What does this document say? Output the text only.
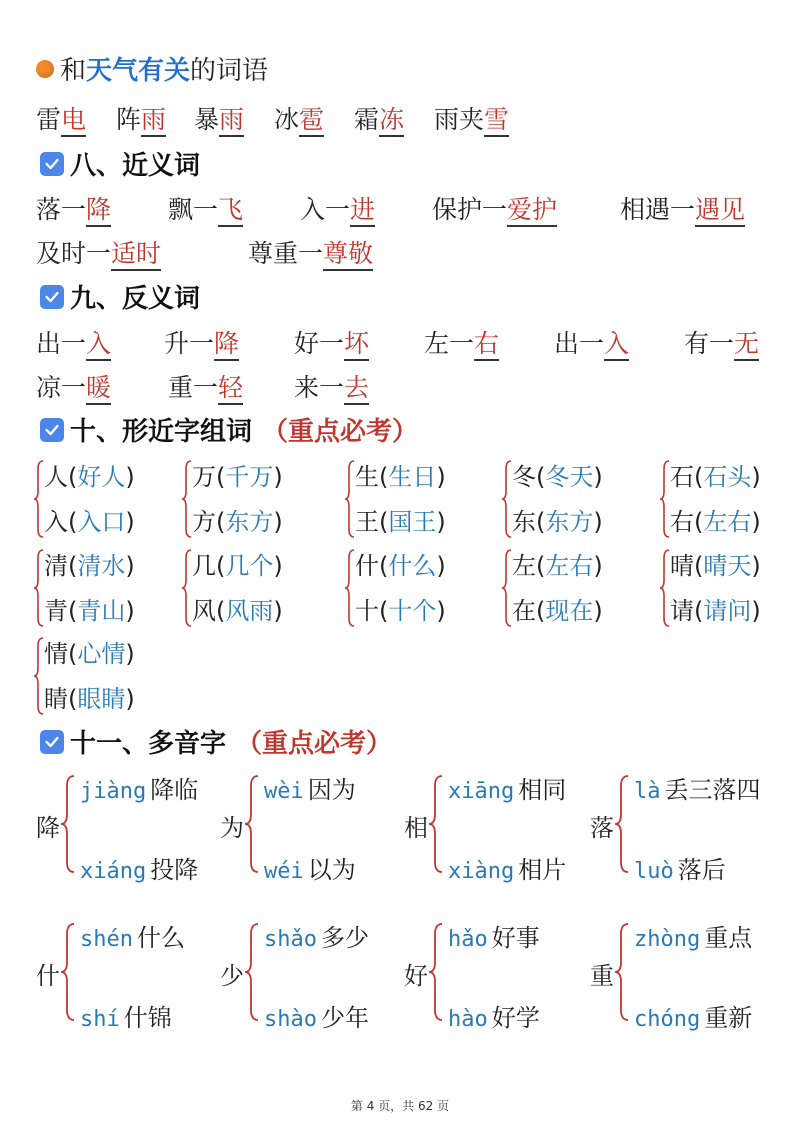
和 天气有关 的词语
雷电 阵雨 暴雨 冰雹 霜冻 雨夹雪
八、近义词
落一降 飘一飞 入一进 保护一爱护	相遇一遇见
及时一适时	尊重一尊敬
九、反义词
出一入 升一降 好一坏 左一右 出一入 有一无
凉一暖 重一轻 来一去
十、形近字组词 （重点必考）
人(好人)
入(入口)
万(千万)
方(东方)
生(生日)
王(国王)
冬(冬天)
东(东方)
石(石头)
右(左右)
清(清水)
青(青山)
几(几个)
风(风雨)
什(什么)
十(十个)
左(左右)
在(现在)
晴(晴天)
请(请问)
情(心情)
睛(眼睛)
十一、多音字 （重点必考）
降
jiàng 降临
xiáng 投降
为
wèi 因为
wéi 以为
相
xiāng 相同
xiàng 相片
落
là 丢三落四
luò 落后
什
shén 什么
shí 什锦
少
shǎo 多少
shào 少年
好
hǎo 好事
hào 好学
重
zhòng 重点
chóng 重新
第 4 页，共 62 页
